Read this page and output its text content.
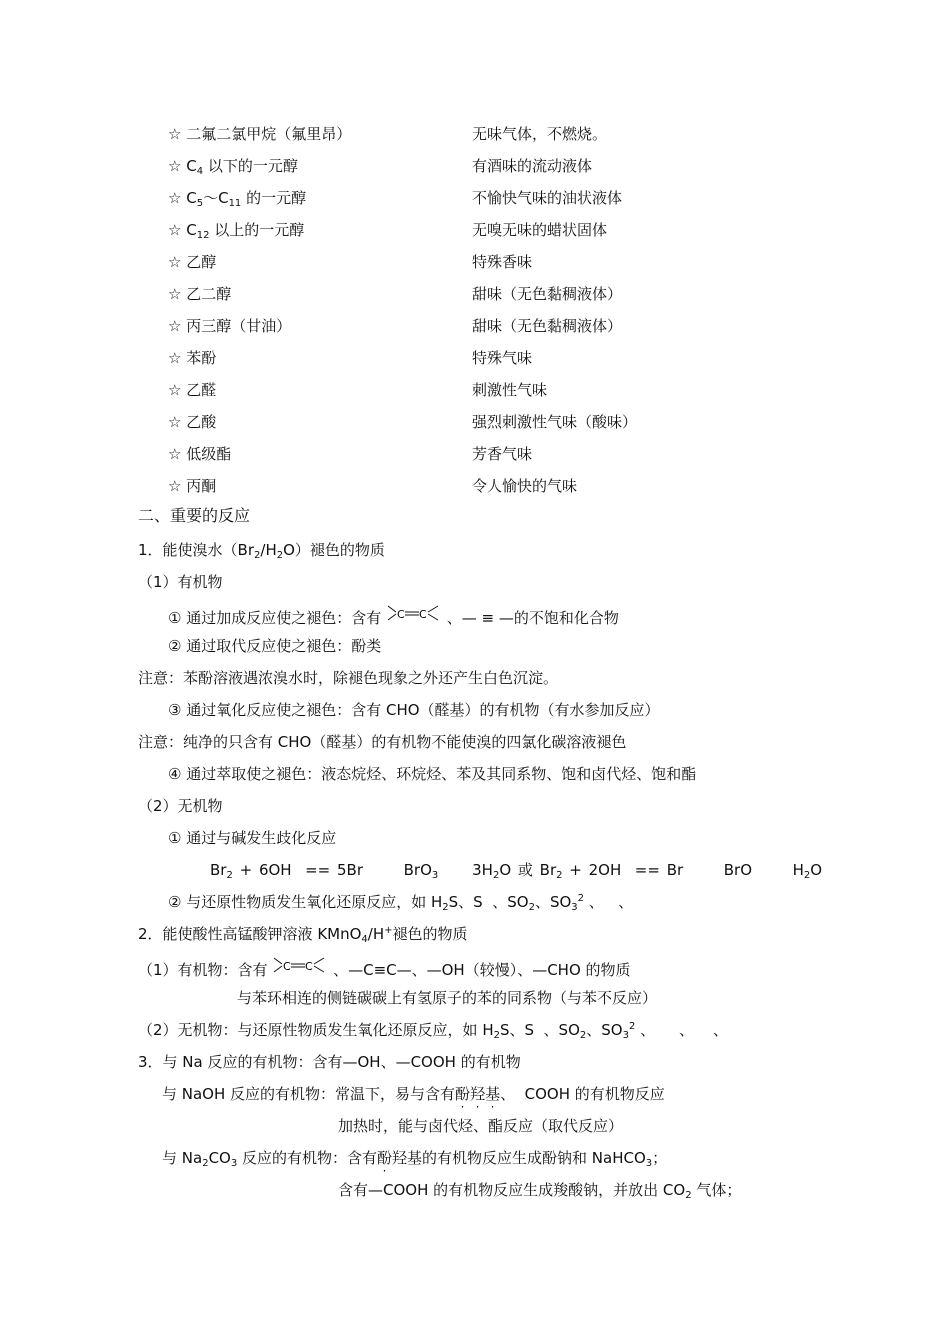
☆ 二氟二氯甲烷（氟里昂）	无味气体，不燃烧。
☆ $C_4$ 以下的一元醇	有酒味的流动液体
☆ $C_5\sim C_{11}$ 的一元醇	不愉快气味的油状液体
☆ $C_{12}$ 以上的一元醇	无嗅无味的蜡状固体
☆ 乙醇	特殊香味
☆ 乙二醇	甜味（无色黏稠液体）
☆ 丙三醇（甘油）	甜味（无色黏稠液体）
☆ 苯酚	特殊气味
☆ 乙醛	刺激性气味
☆ 乙酸	强烈刺激性气味（酸味）
☆ 低级酯	芳香气味
☆ 丙酮	令人愉快的气味
二、重要的反应
1．能使溴水$(Br_2/H_2O)$褪色的物质
（1）有机物
① 通过加成反应使之褪色：含有 C C 、— ≡ —的不饱和化合物
② 通过取代反应使之褪色：酚类
注意：苯酚溶液遇浓溴水时，除褪色现象之外还产生白色沉淀。
③ 通过氧化反应使之褪色：含有 CHO（醛基）的有机物（有水参加反应）
注意：纯净的只含有 CHO（醛基）的有机物不能使溴的四氯化碳溶液褪色
④ 通过萃取使之褪色：液态烷烃、环烷烃、苯及其同系物、饱和卤代烃、饱和酯
（2）无机物
① 通过与碱发生歧化反应
$Br_2 + 6OH == 5Br$      BrO$_3$     $3H_2O$ 或 $Br_2 + 2OH == Br$      BrO      $H_2O$
② 与还原性物质发生氧化还原反应，如 $H_2S$、S  、$SO_2$、$SO_3^2$ 、   、
2．能使酸性高锰酸钾溶液 KMnO$_4$/H+褪色的物质
（1）有机物：含有 C C 、—C≡C—、—OH（较慢）、—CHO 的物质
与苯环相连的侧链碳碳上有氢原子的苯的同系物（与苯不反应）
（2）无机物：与还原性物质发生氧化还原反应，如 $H_2S$、S  、$SO_2$、$SO_3^2$ 、     、    、
3．与 Na 反应的有机物：含有—OH、—COOH 的有机物
与 NaOH 反应的有机物：常温下，易与含有酚羟基、  COOH 的有机物反应
加热时，能与卤代烃、酯反应（取代反应）
与 $Na_2CO_3$ 反应的有机物：含有酚羟基的有机物反应生成酚钠和 NaHCO$_3$；
含有—COOH 的有机物反应生成羧酸钠，并放出 $CO_2$ 气体；
